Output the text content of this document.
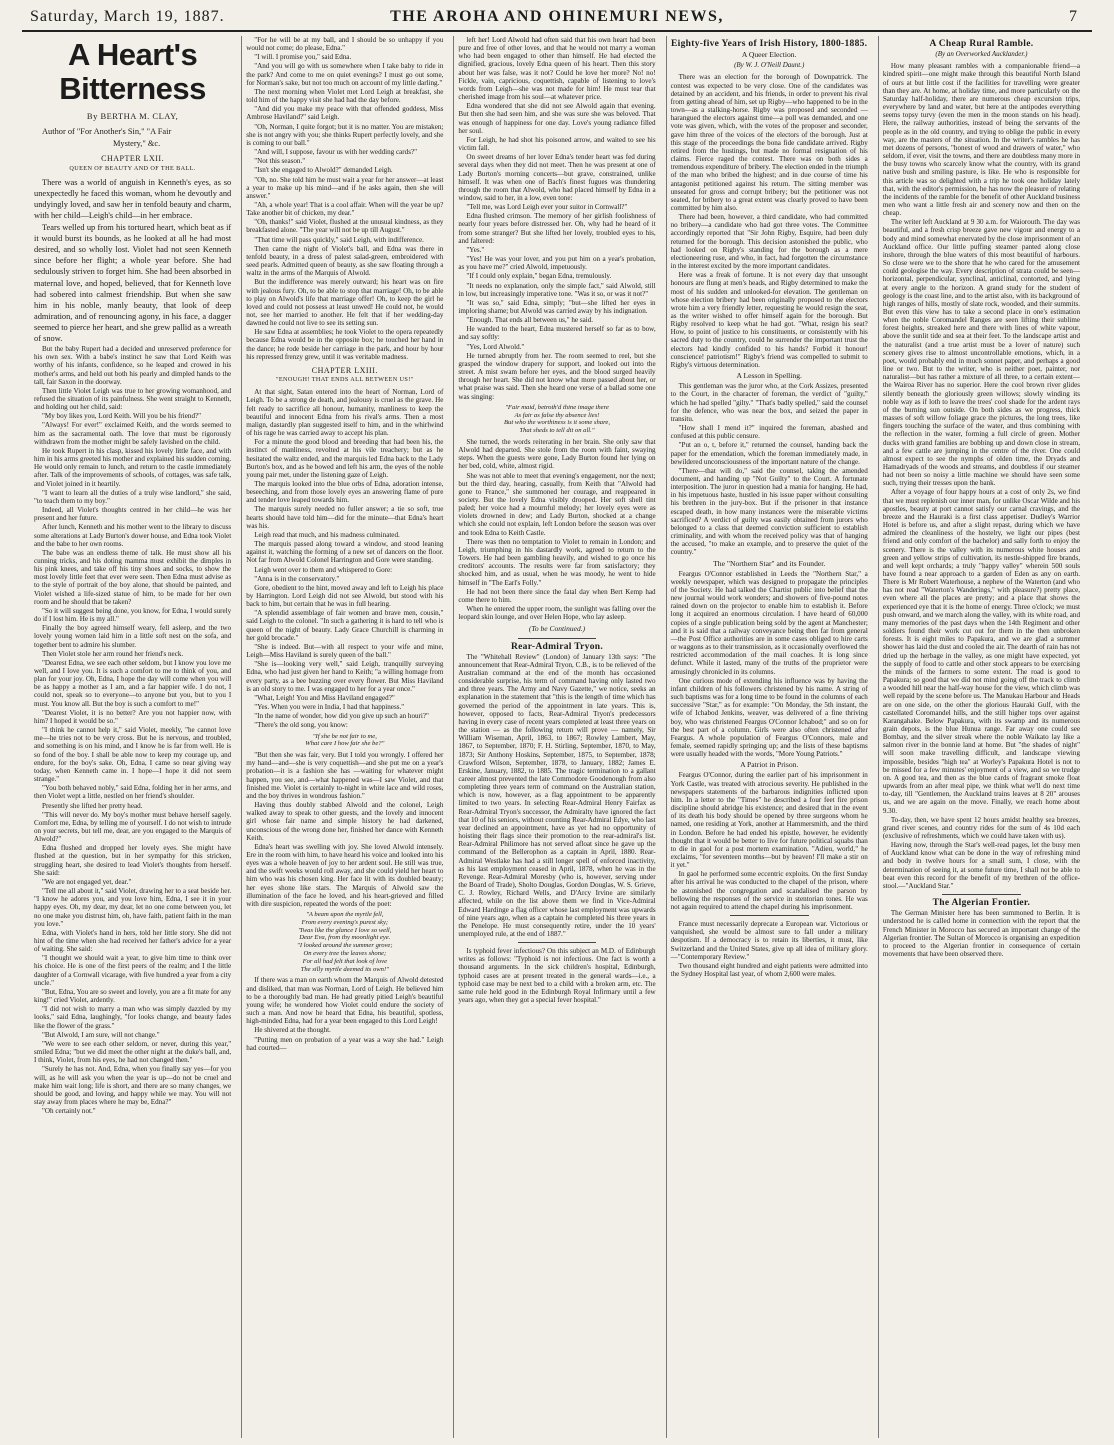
Saturday, March 19, 1887.	THE AROHA AND OHINEMURI NEWS,	7
A Heart's Bitterness
By BERTHA M. CLAY,

Author of "For Another's Sin," "A Fair

Mystery," &c.

CHAPTER LXII.
QUEEN OF BEAUTY AND OF THE BALL.

There was a world of anguish in Kenneth's eyes, as so unexpectedly he faced this woman, whom he devoutly and undyingly loved, and saw her in tenfold beauty and charm, with her child—Leigh's child—in her embrace.

Tears welled up from his tortured heart, which beat as if it would burst its bounds, as he looked at all he had most desired, and so wholly lost. Violet had not seen Kenneth since before her flight; a whole year before. She had sedulously striven to forget him. She had been absorbed in maternal love, and hoped, believed, that for Kenneth love had sobered into calmest friendship. But when she saw him in his noble, manly beauty, that look of deep admiration, and of renouncing agony, in his face, a dagger seemed to pierce her heart, and she grew pallid as a wreath of snow.

But the baby Rupert had a decided and unreserved preference for his own sex. With a babe's instinct he saw that Lord Keith was worthy of his infants, confidence, so he leaped and crowed in his mother's arms, and held out both his pearly and dimpled hands to the tall, fair Saxon in the doorway.

Then little Violet Leigh was true to her growing womanhood, and refused the situation of its painfulness. She went straight to Kenneth, and holding out her child, said:

"My boy likes you, Lord Keith. Will you be his friend?"

"Always! For ever!" exclaimed Keith, and the words seemed to him as the sacramental oath. The love that must be rigorously withdrawn from the mother might be safely lavished on the child.

He took Rupert in his clasp, kissed his lovely little face, and with him in his arms greeted his mother and explained his sudden coming. He would only remain to lunch, and return to the castle immediately after. Talk of the improvements of schools, of cottages, was safe talk, and Violet joined in it heartily.

"I want to learn all the duties of a truly wise landlord," she said, "to teach them to my boy."

Indeed, all Violet's thoughts centred in her child—he was her present and her future.

After lunch, Kenneth and his mother went to the library to discuss some alterations at Lady Burton's dower house, and Edna took Violet and the babe to her own rooms.

The babe was an endless theme of talk. He must show all his cunning tricks, and his doting mamma must exhibit the dimples in his pink knees, and take off his tiny shoes and socks, to show the most lovely little feet that ever were seen. Then Edna must advise as to the style of portrait of the boy alone, that should be painted, and Violet wished a life-sized statue of him, to be made for her own room and he should that be taken?

"So it will suggest being done, you know, for Edna, I would surely do if I lost him. He is my all."

Finally the boy agreed himself weary, fell asleep, and the two lovely young women laid him in a little soft nest on the sofa, and together bent to admire his slumber.

Then Violet stole her arm round her friend's neck.

"Dearest Edna, we see each other seldom, but I know you love me well, and I love you. It is such a comfort to me to think of you, and plan for your joy. Oh, Edna, I hope the day will come when you will be as happy a mother as I am, and a far happier wife. I do not, I could not, speak so to everyone—to anyone but you, but to you I must. You know all. But the boy is such a comfort to me!"

"Dearest Violet, it is no better? Are you not happier now, with him? I hoped it would be so."

"I think he cannot help it," said Violet, meekly, "he cannot love me—he tries not to be very cross. But he is nervous, and troubled, and something is on his mind, and I know he is far from well. He is so fond of the boy. I shall be able now to keep my courage up, and endure, for the boy's sake. Oh, Edna, I came so near giving way today, when Kenneth came in. I hope—I hope it did not seem strange."

"You both behaved nobly," said Edna, folding her in her arms, and then Violet wept a little, nestled on her friend's shoulder.

Presently she lifted her pretty head.

"This will never do. My boy's mother must behave herself sagely. Comfort me, Edna, by telling me of yourself. I do not wish to intrude on your secrets, but tell me, dear, are you engaged to the Marquis of Alwold?"

Edna flushed and dropped her lovely eyes. She might have flushed at the question, but in her sympathy for this stricken, struggling heart, she desired to lead Violet's thoughts from herself. She said:

"We are not engaged yet, dear."

"Tell me all about it," said Violet, drawing her to a seat beside her. "I know he adores you, and you love him, Edna, I see it in your happy eyes. Oh, my dear, my dear, let no one come between you, let no one make you distrust him, oh, have faith, patient faith in the man you love."

Edna, with Violet's hand in hers, told her little story. She did not hint of the time when she had received her father's advice for a year of waiting. She said:

"I thought we should wait a year, to give him time to think over his choice. He is one of the first peers of the realm; and I the little daughter of a Cornwall vicarage, with five hundred a year from a city uncle."

"But, Edna, You are so sweet and lovely, you are a fit mate for any king!" cried Violet, ardently.

"I did not wish to marry a man who was simply dazzled by my looks," said Edna, laughingly, "for looks change, and beauty fades like the flower of the grass."

"But Alwold, I am sure, will not change."

"We were to see each other seldom, or never, during this year," smiled Edna; "but we did meet the other night at the duke's ball, and, I think, Violet, from his eyes, he had not changed then."

"Surely he has not. And, Edna, when you finally say yes—for you will, as he will ask you when the year is up—do not be cruel and make him wait long; life is short, and there are so many changes, we should be good, and loving, and happy while we may. You will not stay away from places where he may be, Edna?"

"Oh certainly not."

"For he will be at my ball, and I should be so unhappy if you would not come; do please, Edna."

"I will. I promise you," said Edna.

"And you will go with us somewhere when I take baby to ride in the park? And come to me on quiet evenings? I must go out some, for Norman's sake, but not too much on account of my little darling."

The next morning when Violet met Lord Leigh at breakfast, she told him of the happy visit she had had the day before.

"And did you make my peace with that offended goddess, Miss Ambrose Haviland?" said Leigh.

"Oh, Norman, I quite forgot; but it is no matter. You are mistaken; she is not angry with you; she thinks Rupert perfectly lovely, and she is coming to our ball."

"And will, I suppose, favour us with her wedding cards?"

"Not this season."

"Isn't she engaged to Alwold?" demanded Leigh.

"Oh, no. She told him he must wait a year for her answer—at least a year to make up his mind—and if he asks again, then she will answer."

"Ah, a whole year! That is a cool affair. When will the year be up? Take another bit of chicken, my dear."

"Oh, thanks!" said Violet, flushed at the unusual kindness, as they breakfasted alone. "The year will not be up till August."

"That time will pass quickly," said Leigh, with indifference.

Then came the night of Violet's ball, and Edna was there in tenfold beauty, in a dress of palest salad-green, embroidered with seed pearls. Admitted queen of beauty, as she saw floating through a waltz in the arms of the Marquis of Alwold.

But the indifference was merely outward; his heart was on fire with jealous fury. Oh, to be able to stop that marriage! Oh, to be able to play on Alwold's life that marriage offer! Oh, to keep the girl he loved and could not possess at least unwed! He could not, he would not, see her married to another. He felt that if her wedding-day dawned he could not live to see its setting sun.

He saw Edna at assemblies; he took Violet to the opera repeatedly because Edna would be in the opposite box; he touched her hand in the dance; he rode beside her carriage in the park, and hour by hour his repressed frenzy grew, until it was veritable madness.

CHAPTER LXIII.
"ENOUGH! THAT ENDS ALL BETWEEN US!"

At that sight, Satan entered into the heart of Norman, Lord of Leigh. To be a strong de death, and jealousy is cruel as the grave. He felt ready to sacrifice all honour, humanity, manliness to keep the beautiful and innocent Edna from his rival's arms. Then a most malign, dastardly plan suggested itself to him, and in the whirlwind of his rage he was carried away to accept his plan.

For a minute the good blood and breeding that had been his, the instinct of manliness, revolted at his vile treachery; but as he hesitated the waltz ended, and the marquis led Edna back to the Lady Burton's box, and as he bowed and left his arm, the eyes of the noble young pair met, under the listening gaze of Leigh.

The marquis looked into the blue orbs of Edna, adoration intense, beseeching, and from those lovely eyes an answering flame of pure and tender love leaped towards him.

The marquis surely needed no fuller answer; a tie so soft, true hearts should have told him—did for the minute—that Edna's heart was his.

Leigh read that much, and his madness culminated.

The marquis passed along toward a window, and stood leaning against it, watching the forming of a new set of dancers on the floor. Not far from Alwold Colonel Harrington and Gore were standing.

Leigh went over to them and whispered to Gore:

"Anna is in the conservatory."

Gore, obedient to the hint, moved away and left to Leigh his place by Harrington. Lord Leigh did not see Alwold, but stood with his back to him, but certain that he was in full hearing.

"A splendid assemblage of fair women and brave men, cousin," said Leigh to the colonel. "In such a gathering it is hard to tell who is queen of the night of beauty. Lady Grace Churchill is charming in her gold brocade."

"She is indeed. But—with all respect to your wife and mine, Leigh—Miss Haviland is surely queen of the ball."

"She is—looking very well," said Leigh, tranquilly surveying Edna, who had just given her hand to Keith; "a willing homage from every party, as a bee buzzing over every flower. But Miss Haviland is an old story to me. I was engaged to her for a year once."

"What, Leigh! You and Miss Haviland engaged?"

"Yes. When you were in India, I had that happiness."

"In the name of wonder, how did you give up such an houri?"

"There's the old song, you know:

"If she be not fair to me,
What care I how fair she be?"

"But then she was fair, very. But I told you wrongly. I offered her my hand—and—she is very coquettish—and she put me on a year's probation—it is a fashion she has —waiting for whatever might happen, you see, and—what happened was—I saw Violet, and that finished me. Violet is certainly to-night in white lace and wild roses, and the boy thrives in wondrous fashion."

Having thus doubly stabbed Alwold and the colonel, Leigh walked away to speak to other guests, and the lovely and innocent girl whose fair name and simple history he had darkened, unconscious of the wrong done her, finished her dance with Kenneth Keith.

Edna's heart was swelling with joy. She loved Alwold intensely. Ere in the room with him, to have heard his voice and looked into his eyes was a whole heaven of joy to her ardent soul. He still was true, and the swift weeks would roll away, and she could yield her heart to him who was his chosen king. Her face lit with its doubled beauty; her eyes shone like stars. The Marquis of Alwold saw the illumination of the face he loved, and his heart-grieved and filled with dire suspicion, repeated the words of the poet:

"A beam upon the myrtle fell,
From every evening's purest sky;
'Twas like the glance I love so well,
Dear Eva, from thy moonlight eye.
"I looked around the summer grove;
On every tree the leaves shone;
For all had felt that look of love
The silly myrtle deemed its own!"

If there was a man on earth whom the Marquis of Alwold detested and disliked, that man was Norman, Lord of Leigh. He believed him to be a thoroughly bad man. He had greatly pitied Leigh's beautiful young wife; he wondered how Violet could endure the society of such a man. And now he heard that Edna, his beautiful, spotless, high-minded Edna, had for a year been engaged to this Lord Leigh!

He shivered at the thought.

"Putting men on probation of a year was a way she had." Leigh had courted—

left her! Lord Alwold had often said that his own heart had been pure and free of other loves, and that he would not marry a woman who had been engaged to other than himself. He had elected the dignified, gracious, lovely Edna queen of his heart. Then this story about her was false, was it not? Could he love her more? No! no! Fickle, vain, capricious, coquettish, capable of listening to love's words from Leigh—she was not made for him! He must tear that cherished image from his soul—at whatever price.

Edna wondered that she did not see Alwold again that evening. But then she had seen him, and she was sure she was beloved. That was enough of happiness for one day. Love's young radiance filled her soul.

For Leigh, he had shot his poisoned arrow, and waited to see his victim fall.

On sweet dreams of her lover Edna's tender heart was fed during several days when they did not meet. Then he was present at one of Lady Burton's morning concerts—but grave, constrained, unlike himself. It was when one of Bach's finest fugues was thundering through the room that Alwold, who had placed himself by Edna in a window, said to her, in a low, even tone:

"Tell me, was Lord Leigh ever your suitor in Cornwall?"

Edna flushed crimson. The memory of her girlish foolishness of nearly four years before distressed her. Oh, why had he heard of it from some stranger? But she lifted her lovely, troubled eyes to his, and faltered:

"Yes."

"Yes! He was your lover, and you put him on a year's probation, as you have me?" cried Alwold, impetuously.

"If I could only explain," began Edna, tremulously.

"It needs no explanation, only the simple fact," said Alwold, still in low, but increasingly imperative tone. "Was it so, or was it not?"

"It was so," said Edna, simply; "but—she lifted her eyes in imploring shame; but Alwold was carried away by his indignation.

"Enough. That ends all between us," he said.

He wanded to the heart, Edna mustered herself so far as to bow, and say softly:

"Yes, Lord Alwold."

He turned abruptly from her. The room seemed to reel, but she grasped the window drapery for support, and looked out into the street. A mist swam before her eyes, and the blood surged heavily through her heart. She did not know what more passed about her, or what praise was said. Then she heard one verse of a ballad some one was singing:

"Fair maid, betroth'd thine image there
As fair as false thy absence lies!
But who the worthiness is it some share,
That sheds to tell dit on all."

She turned, the words reiterating in her brain. She only saw that Alwold had departed. She stole from the room with faint, swaying steps. When the guests were gone, Lady Burton found her lying on her bed, cold, white, almost rigid.

She was not able to meet that evening's engagement, nor the next; but the third day, hearing, casually, from Keith that "Alwold had gone to France," she summoned her courage, and reappeared in society. But the lovely Edna visibly drooped. Her soft shell tint paled; her voice had a mournful melody; her lovely eyes were as violets drowned in dew; and Lady Burton, shocked at a change which she could not explain, left London before the season was over and took Edna to Keith Castle.

There was then no temptation to Violet to remain in London; and Leigh, triumphing in his dastardly work, agreed to return to the Towers. He had been gambling heavily, and wished to go once his creditors' accounts. The results were far from satisfactory; they shocked him, and as usual, when he was moody, he went to hide himself in "The Earl's Folly."

He had not been there since the fatal day when Bert Kemp had come there to him.

When he entered the upper room, the sunlight was falling over the leopard skin lounge, and over Helen Hope, who lay asleep.

(To be Continued.)
Rear-Admiral Tryon.

The "Whitehall Review" (London) of January 13th says: "The announcement that Rear-Admiral Tryon, C.B., is to be relieved of the Australian command at the end of the month has occasioned considerable surprise, his term of command having only lasted two and three years. The Army and Navy Gazette," we notice, seeks an explanation in the statement that "this is the length of time which has governed the period of the appointment in late years. This is, however, opposed to facts, Rear-Admiral Tryon's predecessors having in every case of recent years completed at least three years on the station — as the following return will prove — namely, Sir William Wiseman, April, 1863, to 1867; Rowley Lambert, May, 1867, to September, 1870; F. H. Stirling, September, 1870, to May, 1873; Sir Anthony Hoskins, September, 1875, to September, 1878; Crawford Wilson, September, 1878, to January, 1882; James E. Erskine, January, 1882, to 1885. The tragic termination to a gallant career almost prevented the late Commodore Goodenough from also completing three years term of command on the Australian station, which is now, however, as a flag appointment to be apparently limited to two years. In selecting Rear-Admiral Henry Fairfax as Rear-Admiral Tryon's successor, the Admiralty have ignored the fact that 10 of his seniors, without counting Rear-Admiral Edye, who last year declined an appointment, have as yet had no opportunity of hoisting their flags since their promotion to the rear-admiral's list. Rear-Admiral Philimore has not served afloat since he gave up the command of the Bellerophon as a captain in April, 1880. Rear-Admiral Westlake has had a still longer spell of enforced inactivity, as his last employment ceased in April, 1878, when he was in the Revenge. Rear-Admiral Moresby (who is, however, serving under the Board of Trade), Sholto Douglas, Gordon Douglas, W. S. Grieve, C. J. Rowley, Richard Wells, and D'Arcy Irvine are similarly affected, while on the list above them we find in Vice-Admiral Edward Hardinge a flag officer whose last employment was upwards of nine years ago, when as a captain he completed his three years in the Penelope. He must consequently retire, under the 10 years' unemployed rule, at the end of 1887."

Is typhoid fever infectious? On this subject an M.D. of Edinburgh writes as follows: "Typhoid is not infectious. One fact is worth a thousand arguments. In the sick children's hospital, Edinburgh, typhoid cases are at present treated in the general wards—i.e., a typhoid case may be next bed to a child with a broken arm, etc. The same rule held good in the Edinburgh Royal Infirmary until a few years ago, when they got a special fever hospital."

Eighty-five Years of Irish History, 1800-1885.
A Queer Election.
(By W. J. O'Neill Daunt.)

There was an election for the borough of Downpatrick. The contest was expected to be very close. One of the candidates was detained by an accident, and his friends, in order to prevent his rival from getting ahead of him, set up Rigby—who happened to be in the town—as a stalking-horse. Rigby was proposed and seconded —harangued the electors against time—a poll was demanded, and one vote was given, which, with the votes of the proposer and seconder, gave him three of the voices of the electors of the borough. Just at this stage of the proceedings the bona fide candidate arrived. Rigby retired from the hustings, but made no formal resignation of his claims. Fierce raged the contest. There was on both sides a tremendous expenditure of bribery. The election ended in the triumph of the man who bribed the highest; and in due course of time his antagonist petitioned against his return. The sitting member was unseated for gross and corrupt bribery; but the petitioner was not seated, for bribery to a great extent was clearly proved to have been committed by him also.

There had been, however, a third candidate, who had committed no bribery—a candidate who had got three votes. The Committee accordingly reported that "Sir John Rigby, Esquire, had been duly returned for the borough. This decision astonished the public, who had looked on Rigby's standing for the borough as a mere electioneering ruse, and who, in fact, had forgotten the circumstance in the interest excited by the more important candidates.

Here was a freak of fortune. It is not every day that unsought honours are flung at men's heads, and Rigby determined to make the most of his sudden and unlooked-for elevation. The gentleman on whose election bribery had been originally proposed to the electors wrote him a very friendly letter, requesting he would resign the seat, as the writer wished to offer himself again for the borough. But Rigby resolved to keep what he had got. "What, resign his seat? How, to point of justice to his constituents, or consistently with his sacred duty to the country, could he surrender the important trust the electors had kindly confided to his hands? Forbid it honour! conscience! patriotism!" Rigby's friend was compelled to submit to Rigby's virtuous determination.

A Lesson in Spelling.

This gentleman was the juror who, at the Cork Assizes, presented to the Court, in the character of foreman, the verdict of "guilty," which he had spelled "gilty." "That's badly spelled," said the counsel for the defence, who was near the box, and seized the paper in transitu.

"How shall I mend it?" inquired the foreman, abashed and confused at this public censure.

"Put an o, t, before it," returned the counsel, handing back the paper for the emendation, which the foreman immediately made, in bewildered unconsciousness of the important nature of the change.

"There—that will do," said the counsel, taking the amended document, and handing up "Not Guilty" to the Court. A fortunate interposition. The juror in question had a mania for hanging. He had, in his impetuous haste, hustled in his issue paper without consulting his brethren in the jury-box. But if the prisoner in that instance escaped death, in how many instances were the miserable victims sacrificed? A verdict of guilty was easily obtained from jurors who belonged to a class that deemed conviction sufficient to establish criminality, and with whom the received policy was that of hanging the accused, "to make an example, and to preserve the quiet of the country."

The "Northern Star" and its Founder.

Feargus O'Connor established in Leeds the "Northern Star," a weekly newspaper, which was designed to propagate the principles of the Society. He had talked the Chartist public into belief that the new journal would work wonders; and showers of five-pound notes rained down on the projector to enable him to establish it. Before long it acquired an enormous circulation. I have heard of 60,000 copies of a single publication being sold by the agent at Manchester; and it is said that a railway conveyance being then far from general—the Post Office authorities are in some cases obliged to hire carts or waggons as to their transmission, as it occasionally overflowed the restricted accommodation of the mail coaches. It is long since defunct. While it lasted, many of the truths of the proprietor were amusingly chronicled in its columns.

One curious mode of extending his influence was by having the infant children of his followers christened by his name. A string of such baptisms was for a long time to be found in the columns of each successive "Star," as for example: "On Monday, the 5th instant, the wife of Ichabod Jenkins, weaver, was delivered of a fine thriving boy, who was christened Feargus O'Connor Ichabod;" and so on for the best part of a column. Girls were also often christened after Feargus. A whole population of Feargus O'Connors, male and female, seemed rapidly springing up; and the lists of these baptisms were usually headed with the words, "More Young Patriots."

A Patriot in Prison.

Feargus O'Connor, during the earlier part of his imprisonment in York Castle, was treated with atrocious severity. He published in the newspapers statements of the barbarous indignities inflicted upon him. In a letter to the "Times" he described a four feet fire prison discipline should abridge his existence; and desired that in the event of its death his body should be opened by three surgeons whom he named, one residing at York, another at Hammersmith, and the third in London. Before he had ended his epistle, however, he evidently thought that it would be better to live for future political squabs than to die in gaol for a post mortem examination. "Adieu, world," he exclaims, "for seventeen months—but by heaven! I'll make a stir on it yet."

In gaol he performed some eccentric exploits. On the first Sunday after his arrival he was conducted to the chapel of the prison, where he astonished the congregation and scandalised the parson by bellowing the responses of the service in stentorian tones. He was not again required to attend the chapel during his imprisonment.

France must necessarily deprecate a European war. Victorious or vanquished, she would be almost sure to fall under a military despotism. If a democracy is to retain its liberties, it must, like Switzerland and the United States, give up all idea of military glory.—"Contemporary Review."

Two thousand eight hundred and eight patients were admitted into the Sydney Hospital last year, of whom 2,600 were males.

A Cheap Rural Ramble.
(By an Overworked Aucklander.)

How many pleasant rambles with a companionable friend—a kindred spirit—one might make through this beautiful North Island of ours at but little cost if the facilities for travelling were greater than they are. At home, at holiday time, and more particularly on the Saturday half-holiday, there are numerous cheap excursion trips, everywhere by land and water, but here at the antipodes everything seems topsy turvy (even the men in the moon stands on his head). Here, the railway authorities, instead of being the servants of the people as in the old country, and trying to oblige the public in every way, are the masters of the situation. In the writer's rambles he has met dozens of persons, "honest of wood and drawers of water," who seldom, if ever, visit the towns, and there are doubtless many more in the busy towns who scarcely know what the country, with its grand native bush and smiling pasture, is like. He who is responsible for this article was so delighted with a trip he took one holiday lately that, with the editor's permission, he has now the pleasure of relating the incidents of the ramble for the benefit of other Auckland business men who want a little fresh air and scenery now and then on the cheap.

The writer left Auckland at 9 30 a.m. for Waiorouth. The day was beautiful, and a fresh crisp breeze gave new vigour and energy to a body and mind somewhat enervated by the close imprisonment of an Auckland office. Our little puffing steamer panted along close inshore, through the blue waters of this most beautiful of harbours. So close were we to the shore that he who cared for the amusement could geologise the way. Every description of strata could be seen—horizontal, perpendicular, synclinal, anticlinal, contorted, and lying at every angle to the horizon. A grand study for the student of geology is the coast line, and to the artist also, with its background of high ranges of hills, mostly of slate rock, wooded, and their summits. But even this view has to take a second place in one's estimation when the noble Coromandel Ranges are seen lifting their sublime forest heights, streaked here and there with lines of white vapour, above the sunlit tide and sea at their feet. To the landscape artist and the naturalist (and a true artist must be a lover of nature) such scenery gives rise to almost uncontrollable emotions, which, in a poet, would probably end in much sonnet paper, and perhaps a good line or two. But to the writer, who is neither poet, painter, nor naturalist—but has rather a mixture of all three, to a certain extent—the Wairoa River has no superior. Here the cool brown river glides silently beneath the gloriously green willows; slowly winding its noble way as if loth to leave the trees' cool shade for the ardent rays of the burning sun outside. On both sides as we progress, thick masses of soft willow foliage grace the pictures, the long trees, like fingers touching the surface of the water, and thus combining with the reflection in the water, forming a full circle of green. Mother ducks with grand families are bobbing up and down close in stream, and a few cattle are jumping in the centre of the river. One could almost expect to see the nymphs of olden time, the Dryads and Hamadryads of the woods and streams, and doubtless if our steamer had not been so noisy a little machine we should have seen some such, trying their tresses upon the bank.

After a voyage of four happy hours at a cost of only 2s, we find that we must replenish our inner man, for unlike Oscar Wilde and his apostles, beauty at port cannot satisfy our carnal cravings, and the breeze and the Hauraki is a first class appetiser. Dudley's Warrior Hotel is before us, and after a slight repast, during which we have admired the cleanliness of the hostelry, we light our pipes (best friend and only comfort of the bachelor) and sally forth to enjoy the scenery. There is the valley with its numerous white houses and green and yellow strips of cultivation, its nestle-shipped fire brands, and well kept orchards; a truly "happy valley" wherein 500 souls have found a near approach to a garden of Eden as any on earth. There is Mr Robert Waterhouse, a nephew of the Waterton (and who has not read "Waterton's Wanderings," with pleasure?) pretty place, even where all the places are pretty; and a place that shows the experienced eye that it is the home of energy. Three o'clock; we must push onward, and we march along the valley, with its white road, and many memories of the past days when the 14th Regiment and other soldiers found their work cut out for them in the then unbroken forests. It is eight miles to Papakura, and we are glad a summer shower has laid the dust and cooled the air. The dearth of rain has not dried up the herbage in the valley, as one might have expected, yet the supply of food to cattle and other stock appears to be exercising the minds of the farmers to some extent. The road is good to Papakura; so good that we did not mind going off the track to climb a wooded hill near the half-way house for the view, which climb was well repaid by the scene before us. The Manukau Harbour and Heads are on one side, on the other the glorious Hauraki Gulf, with the castellated Coromandel hills, and the still higher tops over against Karangahake. Below Papakura, with its swamp and its numerous grain depots, is the blue Hunua range. Far away one could see Bombay, and the silver streak where the noble Waikato lay like a salmon river in the bonnie land at home. But "the shades of night" will soon make travelling difficult, and landscape viewing impossible, besides "high tea" at Worley's Papakura Hotel is not to be missed for a few minutes' enjoyment of a view, and so we trudge on. A good tea, and then as the blue cards of fragrant smoke float upwards from an after meal pipe, we think what we'll do next time to-day, till "Gentlemen, the Auckland trains leaves at 8 20" arouses us, and we are again on the move. Finally, we reach home about 9.30.

To-day, then, we have spent 12 hours amidst healthy sea breezes, grand river scenes, and country rides for the sum of 4s 10d each (exclusive of refreshments, which we could have taken with us).

Having now, through the Star's well-read pages, let the busy men of Auckland know what can be done in the way of refreshing mind and body in twelve hours for a small sum, I close, with the determination of seeing it, at some future time, I shall not be able to beat even this record for the benefit of my brethren of the office-stool.—"Auckland Star."

The Algerian Frontier.

The German Minister here has been summoned to Berlin. It is understood he is called home in connection with the report that the French Minister in Morocco has secured an important change of the Algerian frontier. The Sultan of Morocco is organising an expedition to proceed to the Algerian frontier in consequence of certain movements that have been observed there.
